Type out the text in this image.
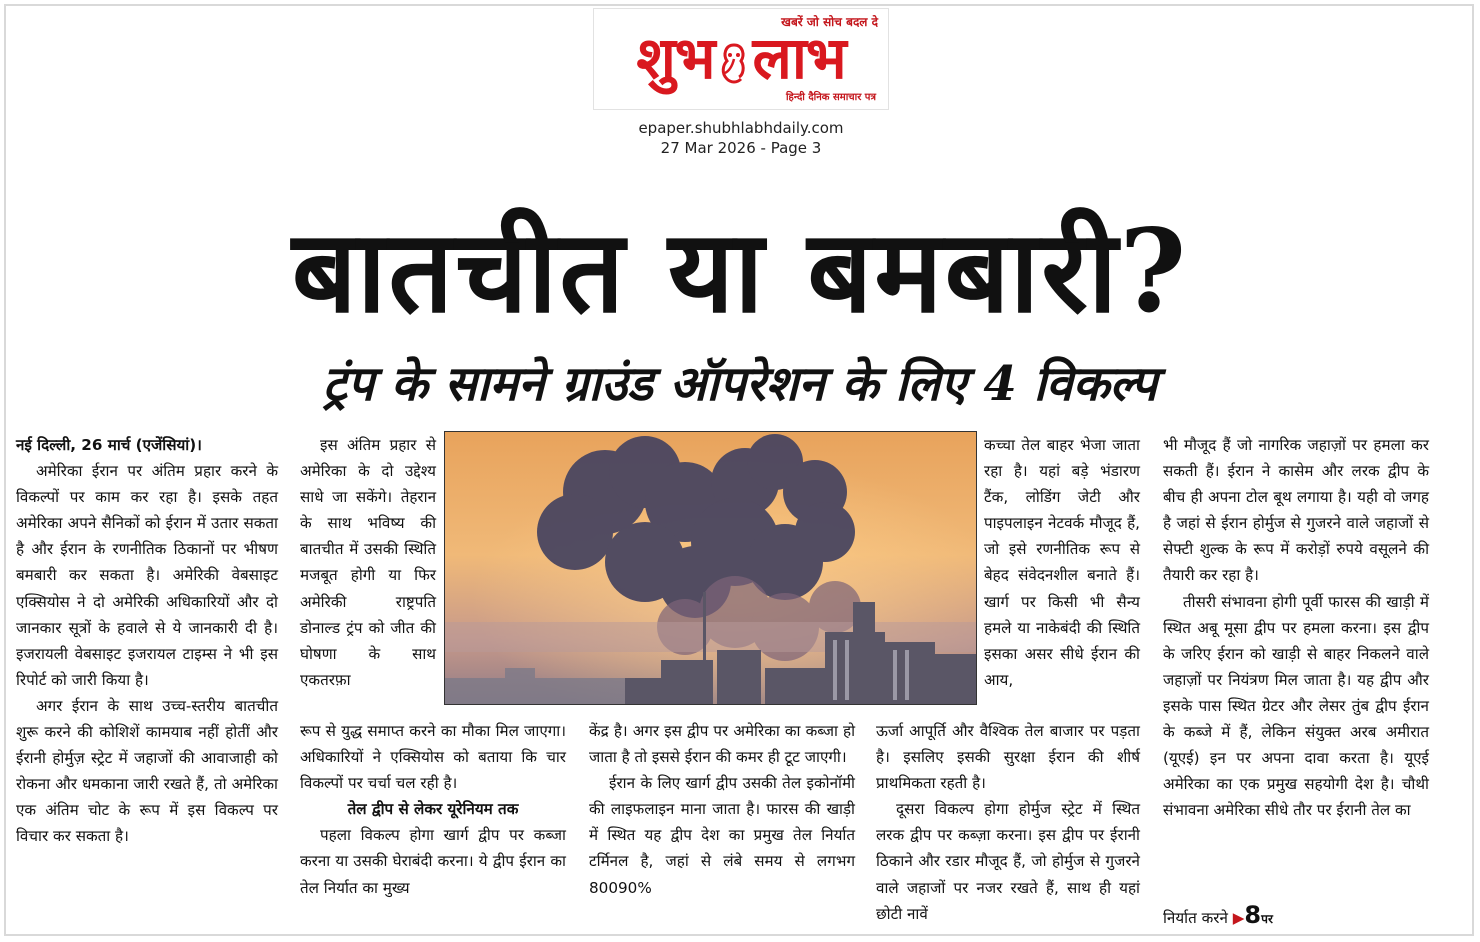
खबरें जो सोच बदल दे
शुभ लाभ
हिन्दी दैनिक समाचार पत्र
epaper.shubhlabhdaily.com
27 Mar 2026 - Page 3
बातचीत या बमबारी?
ट्रंप के सामने ग्राउंड ऑपरेशन के लिए 4 विकल्प

नई दिल्ली, 26 मार्च (एजेंसियां)।

अमेरिका ईरान पर अंतिम प्रहार करने के विकल्पों पर काम कर रहा है। इसके तहत अमेरिका अपने सैनिकों को ईरान में उतार सकता है और ईरान के रणनीतिक ठिकानों पर भीषण बमबारी कर सकता है। अमेरिकी वेबसाइट एक्सियोस ने दो अमेरिकी अधिकारियों और दो जानकार सूत्रों के हवाले से ये जानकारी दी है। इजरायली वेबसाइट इजरायल टाइम्स ने भी इस रिपोर्ट को जारी किया है।

अगर ईरान के साथ उच्च-स्तरीय बातचीत शुरू करने की कोशिशें कामयाब नहीं होतीं और ईरानी होर्मुज़ स्ट्रेट में जहाजों की आवाजाही को रोकना और धमकाना जारी रखते हैं, तो अमेरिका एक अंतिम चोट के रूप में इस विकल्प पर विचार कर सकता है।

इस अंतिम प्रहार से अमेरिका के दो उद्देश्य साधे जा सकेंगे। तेहरान के साथ भविष्य की बातचीत में उसकी स्थिति मजबूत होगी या फिर अमेरिकी राष्ट्रपति डोनाल्ड ट्रंप को जीत की घोषणा के साथ एकतरफ़ा

रूप से युद्ध समाप्त करने का मौका मिल जाएगा। अधिकारियों ने एक्सियोस को बताया कि चार विकल्पों पर चर्चा चल रही है।

तेल द्वीप से लेकर यूरेनियम तक

पहला विकल्प होगा खार्ग द्वीप पर कब्जा करना या उसकी घेराबंदी करना। ये द्वीप ईरान का तेल निर्यात का मुख्य

केंद्र है। अगर इस द्वीप पर अमेरिका का कब्जा हो जाता है तो इससे ईरान की कमर ही टूट जाएगी।

ईरान के लिए खार्ग द्वीप उसकी तेल इकोनॉमी की लाइफलाइन माना जाता है। फारस की खाड़ी में स्थित यह द्वीप देश का प्रमुख तेल निर्यात टर्मिनल है, जहां से लंबे समय से लगभग 80090%

कच्चा तेल बाहर भेजा जाता रहा है। यहां बड़े भंडारण टैंक, लोडिंग जेटी और पाइपलाइन नेटवर्क मौजूद हैं, जो इसे रणनीतिक रूप से बेहद संवेदनशील बनाते हैं। खार्ग पर किसी भी सैन्य हमले या नाकेबंदी की स्थिति इसका असर सीधे ईरान की आय,

ऊर्जा आपूर्ति और वैश्विक तेल बाजार पर पड़ता है। इसलिए इसकी सुरक्षा ईरान की शीर्ष प्राथमिकता रहती है।

दूसरा विकल्प होगा होर्मुज स्ट्रेट में स्थित लरक द्वीप पर कब्ज़ा करना। इस द्वीप पर ईरानी ठिकाने और रडार मौजूद हैं, जो होर्मुज से गुजरने वाले जहाजों पर नजर रखते हैं, साथ ही यहां छोटी नावें

भी मौजूद हैं जो नागरिक जहाज़ों पर हमला कर सकती हैं। ईरान ने कासेम और लरक द्वीप के बीच ही अपना टोल बूथ लगाया है। यही वो जगह है जहां से ईरान होर्मुज से गुजरने वाले जहाजों से सेफ्टी शुल्क के रूप में करोड़ों रुपये वसूलने की तैयारी कर रहा है।

तीसरी संभावना होगी पूर्वी फारस की खाड़ी में स्थित अबू मूसा द्वीप पर हमला करना। इस द्वीप के जरिए ईरान को खाड़ी से बाहर निकलने वाले जहाज़ों पर नियंत्रण मिल जाता है। यह द्वीप और इसके पास स्थित ग्रेटर और लेसर तुंब द्वीप ईरान के कब्जे में हैं, लेकिन संयुक्त अरब अमीरात (यूएई) इन पर अपना दावा करता है। यूएई अमेरिका का एक प्रमुख सहयोगी देश है। चौथी संभावना अमेरिका सीधे तौर पर ईरानी तेल का

निर्यात करने ▶8पर
